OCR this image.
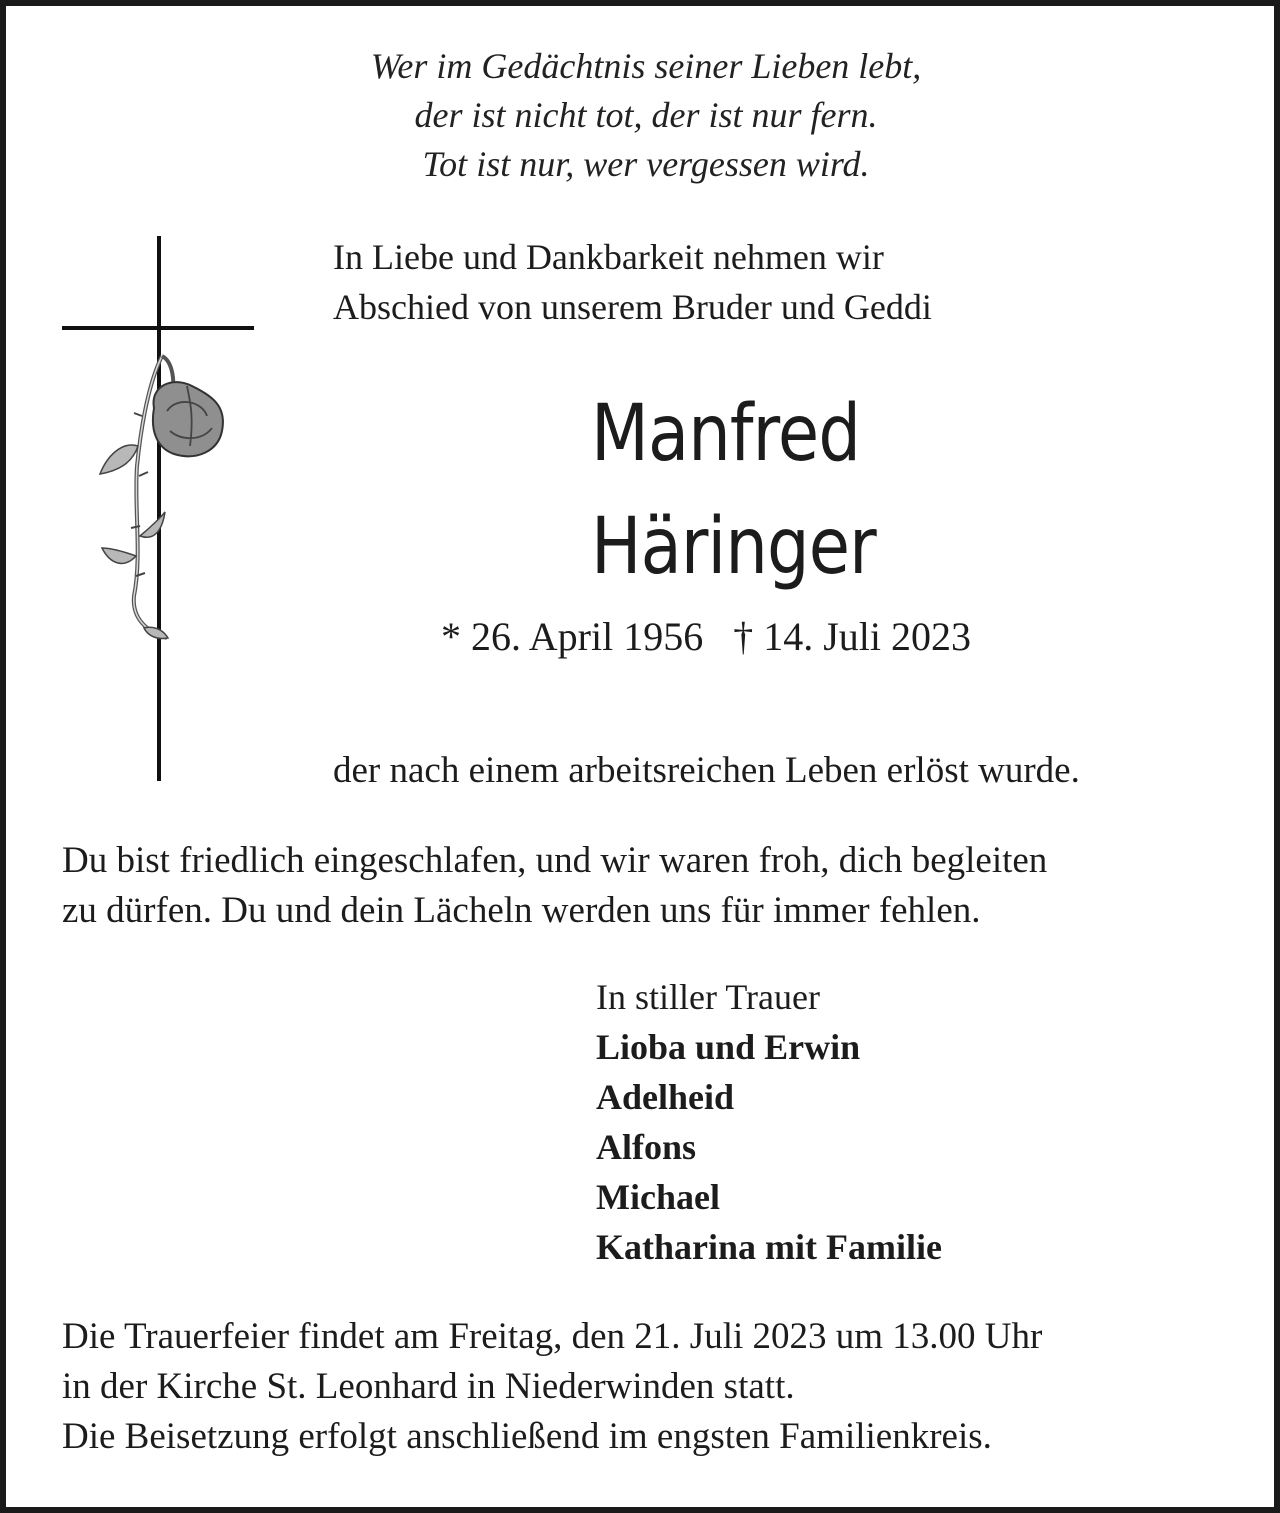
Wer im Gedächtnis seiner Lieben lebt,
der ist nicht tot, der ist nur fern.
Tot ist nur, wer vergessen wird.
In Liebe und Dankbarkeit nehmen wir
Abschied von unserem Bruder und Geddi
Manfred
Häringer
* 26. April 1956 † 14. Juli 2023
der nach einem arbeitsreichen Leben erlöst wurde.
Du bist friedlich eingeschlafen, und wir waren froh, dich begleiten
zu dürfen. Du und dein Lächeln werden uns für immer fehlen.
In stiller Trauer
Lioba und Erwin
Adelheid
Alfons
Michael
Katharina mit Familie
Die Trauerfeier findet am Freitag, den 21. Juli 2023 um 13.00 Uhr
in der Kirche St. Leonhard in Niederwinden statt.
Die Beisetzung erfolgt anschließend im engsten Familienkreis.
